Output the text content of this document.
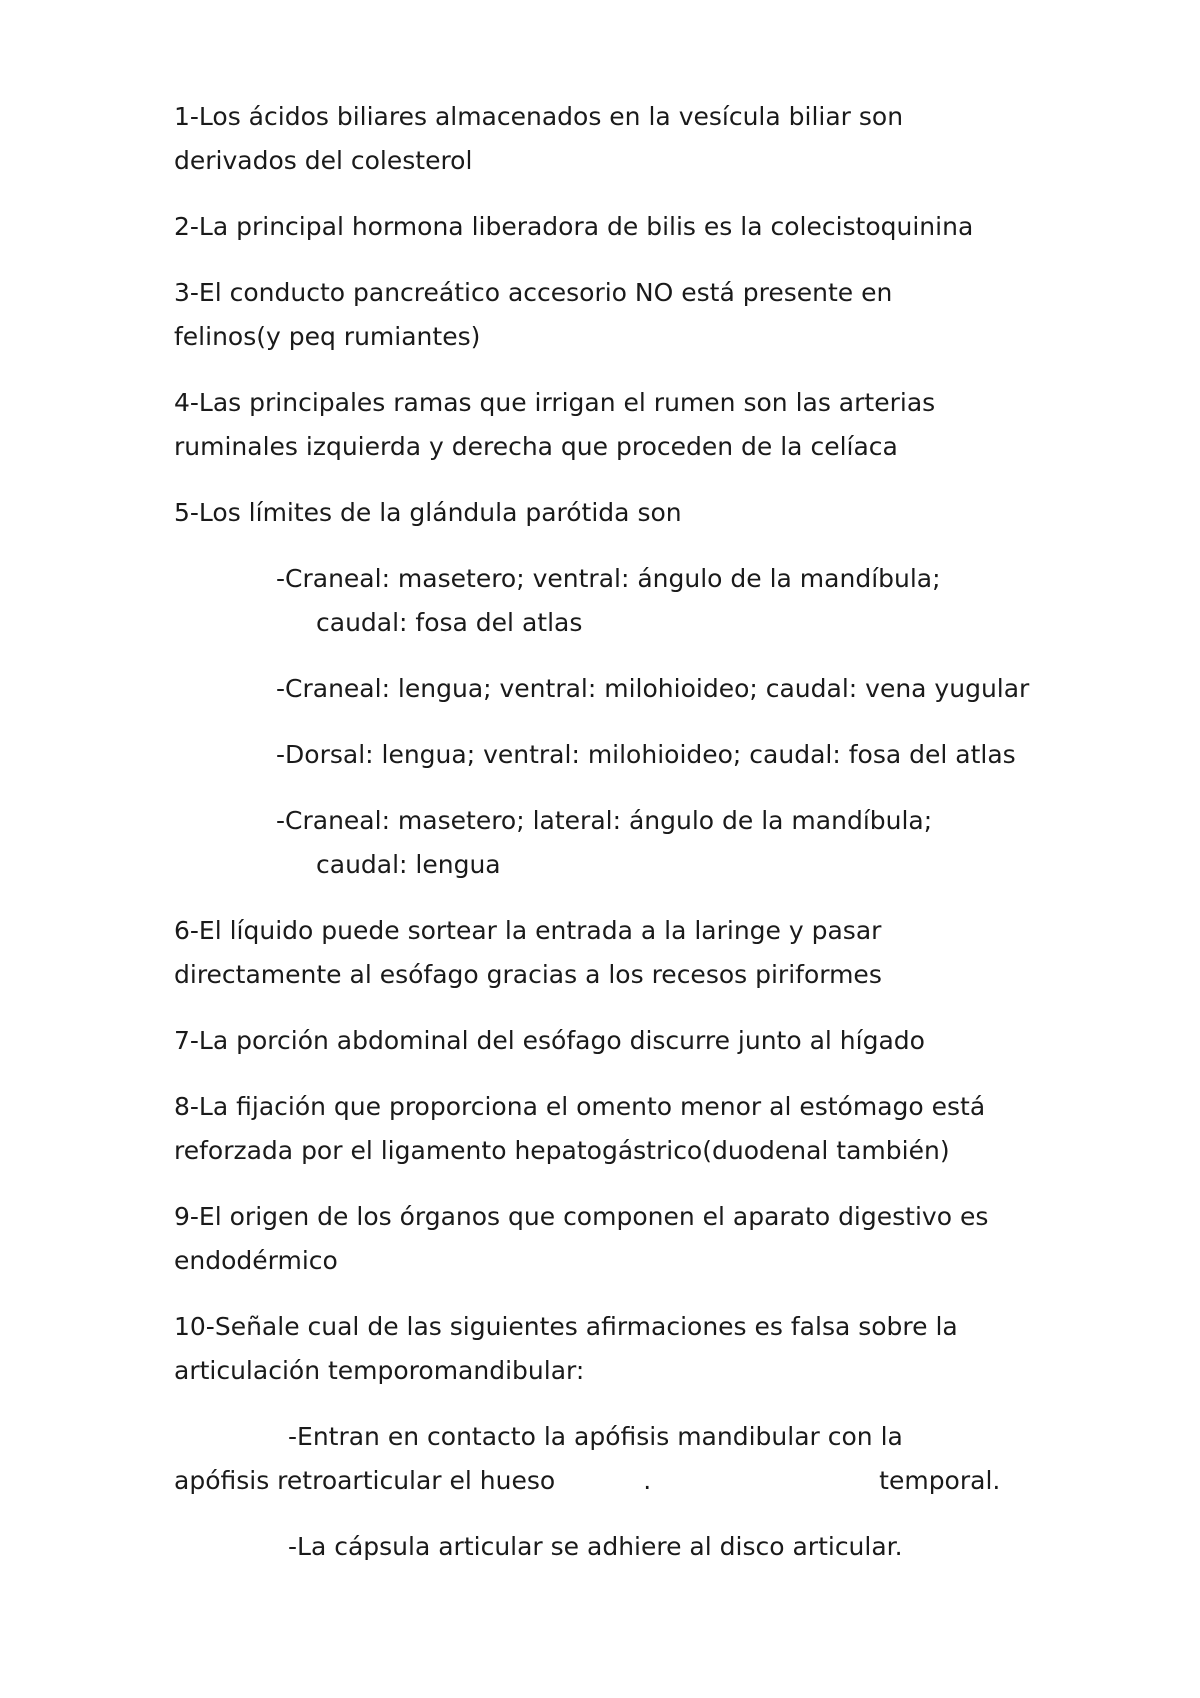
1-Los ácidos biliares almacenados en la vesícula biliar son
derivados del colesterol
2-La principal hormona liberadora de bilis es la colecistoquinina
3-El conducto pancreático accesorio NO está presente en
felinos(y peq rumiantes)
4-Las principales ramas que irrigan el rumen son las arterias
ruminales izquierda y derecha que proceden de la celíaca
5-Los límites de la glándula parótida son
-Craneal: masetero; ventral: ángulo de la mandíbula;
caudal: fosa del atlas
-Craneal: lengua; ventral: milohioideo; caudal: vena yugular
-Dorsal: lengua; ventral: milohioideo; caudal: fosa del atlas
-Craneal: masetero; lateral: ángulo de la mandíbula;
caudal: lengua
6-El líquido puede sortear la entrada a la laringe y pasar
directamente al esófago gracias a los recesos piriformes
7-La porción abdominal del esófago discurre junto al hígado
8-La fijación que proporciona el omento menor al estómago está
reforzada por el ligamento hepatogástrico(duodenal también)
9-El origen de los órganos que componen el aparato digestivo es
endodérmico
10-Señale cual de las siguientes afirmaciones es falsa sobre la
articulación temporomandibular:
-Entran en contacto la apófisis mandibular con la
apófisis retroarticular el hueso	.	temporal.
-La cápsula articular se adhiere al disco articular.
